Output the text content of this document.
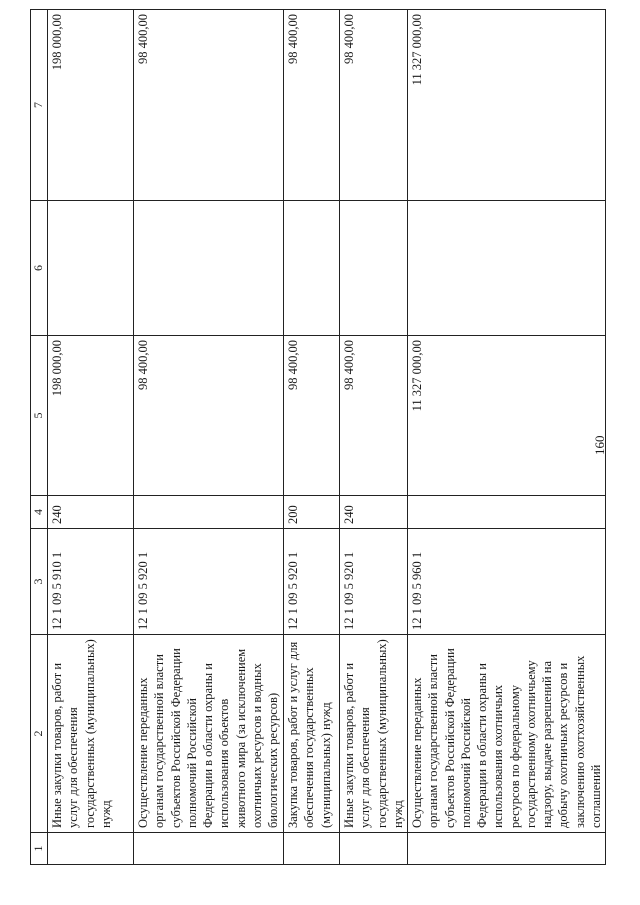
160
1	2	3	4	5	6	7
	Иные закупки товаров, работ и услуг для обеспечения государственных (муниципальных) нужд	12 1 09 5 910 1	240	198 000,00		198 000,00
	Осуществление переданных органам государственной власти субъектов Российской Федерации полномочий Российской Федерации в области охраны и использования объектов животного мира (за исключением охотничьих ресурсов и водных биологических ресурсов)	12 1 09 5 920 1		98 400,00		98 400,00
	Закупка товаров, работ и услуг для обеспечения государственных (муниципальных) нужд	12 1 09 5 920 1	200	98 400,00		98 400,00
	Иные закупки товаров, работ и услуг для обеспечения государственных (муниципальных) нужд	12 1 09 5 920 1	240	98 400,00		98 400,00
	Осуществление переданных органам государственной власти субъектов Российской Федерации полномочий Российской Федерации в области охраны и использования охотничьих ресурсов по федеральному государственному охотничьему надзору, выдаче разрешений на добычу охотничьих ресурсов и заключению охотхозяйственных соглашений	12 1 09 5 960 1		11 327 000,00		11 327 000,00
